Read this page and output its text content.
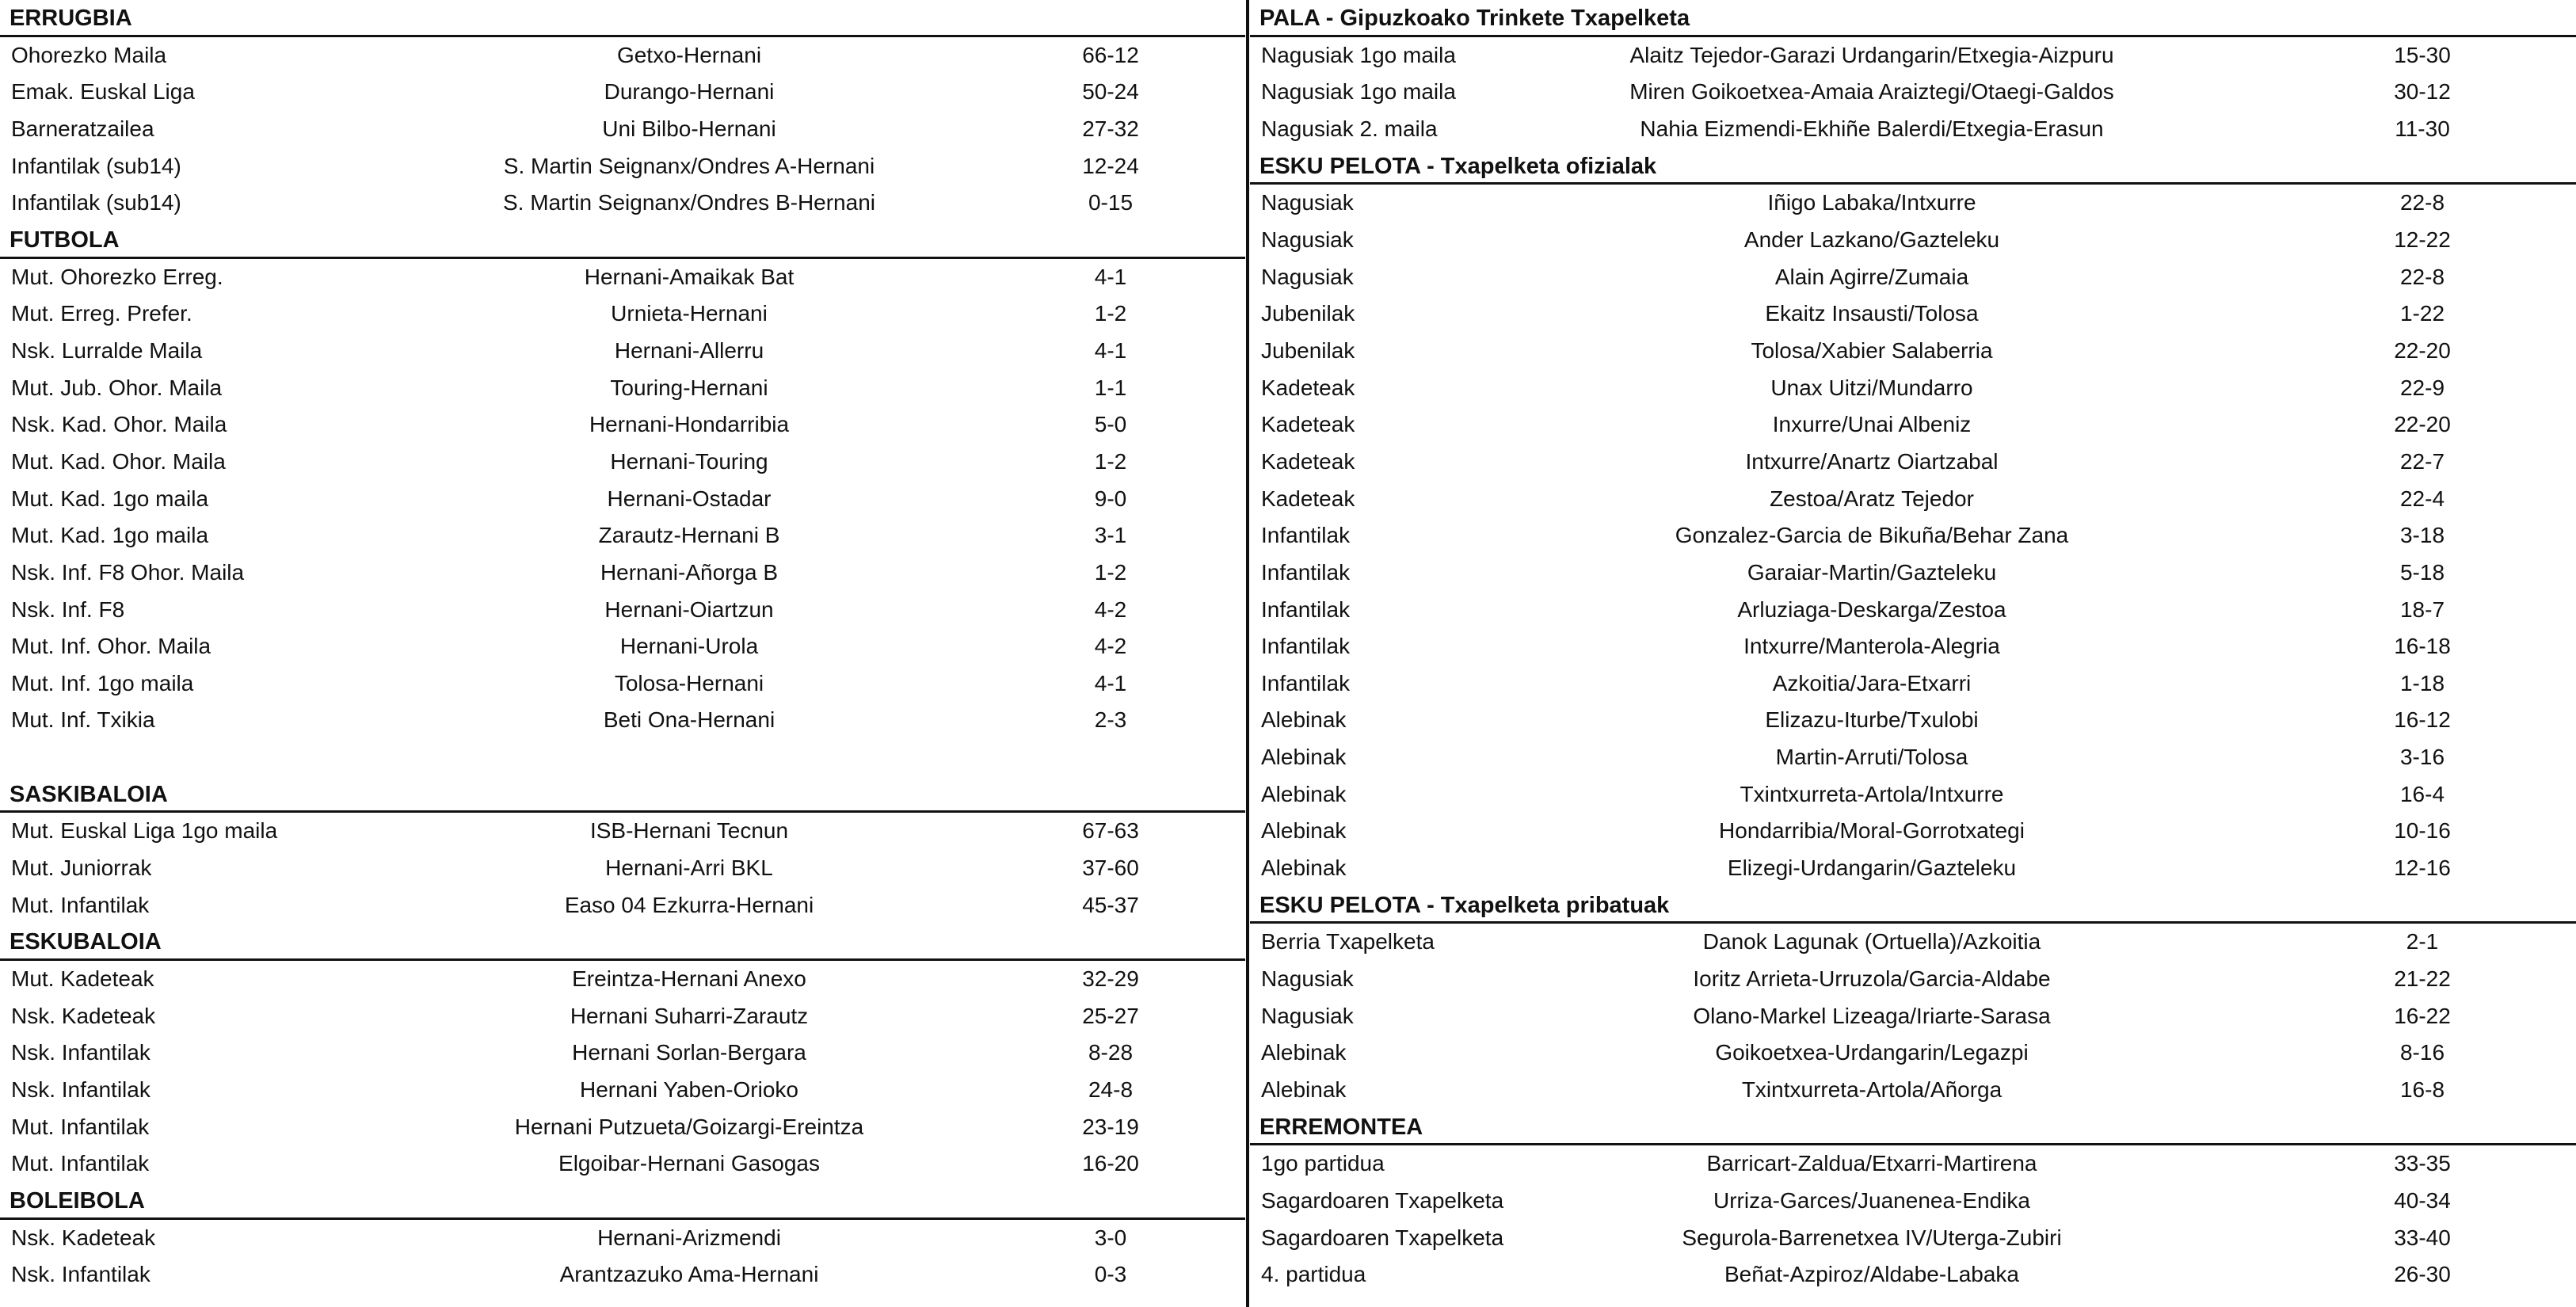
ERRUGBIA
Ohorezko Maila	Getxo-Hernani	66-12
Emak. Euskal Liga	Durango-Hernani	50-24
Barneratzailea	Uni Bilbo-Hernani	27-32
Infantilak (sub14)	S. Martin Seignanx/Ondres A-Hernani	12-24
Infantilak (sub14)	S. Martin Seignanx/Ondres B-Hernani	0-15
FUTBOLA
Mut. Ohorezko Erreg.	Hernani-Amaikak Bat	4-1
Mut. Erreg. Prefer.	Urnieta-Hernani	1-2
Nsk. Lurralde Maila	Hernani-Allerru	4-1
Mut. Jub. Ohor. Maila	Touring-Hernani	1-1
Nsk. Kad. Ohor. Maila	Hernani-Hondarribia	5-0
Mut. Kad. Ohor. Maila	Hernani-Touring	1-2
Mut. Kad. 1go maila	Hernani-Ostadar	9-0
Mut. Kad. 1go maila	Zarautz-Hernani B	3-1
Nsk. Inf. F8 Ohor. Maila	Hernani-Añorga B	1-2
Nsk. Inf. F8	Hernani-Oiartzun	4-2
Mut. Inf. Ohor. Maila	Hernani-Urola	4-2
Mut. Inf. 1go maila	Tolosa-Hernani	4-1
Mut. Inf. Txikia	Beti Ona-Hernani	2-3
SASKIBALOIA
Mut. Euskal Liga 1go maila	ISB-Hernani Tecnun	67-63
Mut. Juniorrak	Hernani-Arri BKL	37-60
Mut. Infantilak	Easo 04 Ezkurra-Hernani	45-37
ESKUBALOIA
Mut. Kadeteak	Ereintza-Hernani Anexo	32-29
Nsk. Kadeteak	Hernani Suharri-Zarautz	25-27
Nsk. Infantilak	Hernani Sorlan-Bergara	8-28
Nsk. Infantilak	Hernani Yaben-Orioko	24-8
Mut. Infantilak	Hernani Putzueta/Goizargi-Ereintza	23-19
Mut. Infantilak	Elgoibar-Hernani Gasogas	16-20
BOLEIBOLA
Nsk. Kadeteak	Hernani-Arizmendi	3-0
Nsk. Infantilak	Arantzazuko Ama-Hernani	0-3
PALA - Gipuzkoako Trinkete Txapelketa
Nagusiak 1go maila	Alaitz Tejedor-Garazi Urdangarin/Etxegia-Aizpuru	15-30
Nagusiak 1go maila	Miren Goikoetxea-Amaia Araiztegi/Otaegi-Galdos	30-12
Nagusiak 2. maila	Nahia Eizmendi-Ekhiñe Balerdi/Etxegia-Erasun	11-30
ESKU PELOTA - Txapelketa ofizialak
Nagusiak	Iñigo Labaka/Intxurre	22-8
Nagusiak	Ander Lazkano/Gazteleku	12-22
Nagusiak	Alain Agirre/Zumaia	22-8
Jubenilak	Ekaitz Insausti/Tolosa	1-22
Jubenilak	Tolosa/Xabier Salaberria	22-20
Kadeteak	Unax Uitzi/Mundarro	22-9
Kadeteak	Inxurre/Unai Albeniz	22-20
Kadeteak	Intxurre/Anartz Oiartzabal	22-7
Kadeteak	Zestoa/Aratz Tejedor	22-4
Infantilak	Gonzalez-Garcia de Bikuña/Behar Zana	3-18
Infantilak	Garaiar-Martin/Gazteleku	5-18
Infantilak	Arluziaga-Deskarga/Zestoa	18-7
Infantilak	Intxurre/Manterola-Alegria	16-18
Infantilak	Azkoitia/Jara-Etxarri	1-18
Alebinak	Elizazu-Iturbe/Txulobi	16-12
Alebinak	Martin-Arruti/Tolosa	3-16
Alebinak	Txintxurreta-Artola/Intxurre	16-4
Alebinak	Hondarribia/Moral-Gorrotxategi	10-16
Alebinak	Elizegi-Urdangarin/Gazteleku	12-16
ESKU PELOTA - Txapelketa pribatuak
Berria Txapelketa	Danok Lagunak (Ortuella)/Azkoitia	2-1
Nagusiak	Ioritz Arrieta-Urruzola/Garcia-Aldabe	21-22
Nagusiak	Olano-Markel Lizeaga/Iriarte-Sarasa	16-22
Alebinak	Goikoetxea-Urdangarin/Legazpi	8-16
Alebinak	Txintxurreta-Artola/Añorga	16-8
ERREMONTEA
1go partidua	Barricart-Zaldua/Etxarri-Martirena	33-35
Sagardoaren Txapelketa	Urriza-Garces/Juanenea-Endika	40-34
Sagardoaren Txapelketa	Segurola-Barrenetxea IV/Uterga-Zubiri	33-40
4. partidua	Beñat-Azpiroz/Aldabe-Labaka	26-30
